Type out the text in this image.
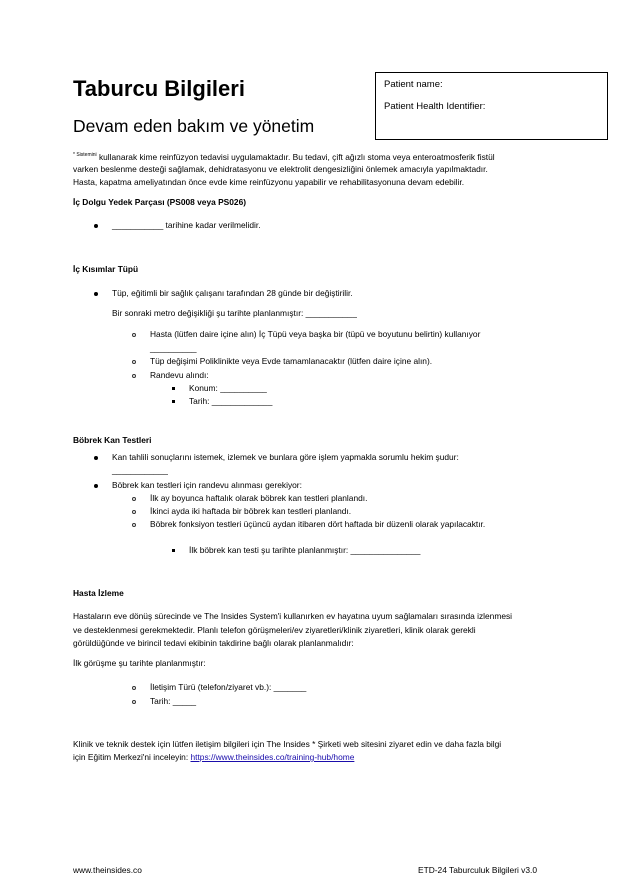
Taburcu Bilgileri
Devam eden bakım ve yönetim
Patient name:
Patient Health Identifier:
$^{* Sistemini}$ kullanarak kime reinfüzyon tedavisi uygulamaktadır. Bu tedavi, çift ağızlı stoma veya enteroatmosferik fistül
varken beslenme desteği sağlamak, dehidratasyonu ve elektrolit dengesizliğini önlemek amacıyla yapılmaktadır.
Hasta, kapatma ameliyatından önce evde kime reinfüzyonu yapabilir ve rehabilitasyonuna devam edebilir.
İç Dolgu Yedek Parçası (PS008 veya PS026)
___________ tarihine kadar verilmelidir.
İç Kısımlar Tüpü
Tüp, eğitimli bir sağlık çalışanı tarafından 28 günde bir değiştirilir.
Bir sonraki metro değişikliği şu tarihte planlanmıştır: ___________
Hasta (lütfen daire içine alın) İç Tüpü veya başka bir (tüpü ve boyutunu belirtin) kullanıyor
__________
Tüp değişimi Poliklinikte veya Evde tamamlanacaktır (lütfen daire içine alın).
Randevu alındı:
Konum: __________
Tarih: _____________
Böbrek Kan Testleri
Kan tahlili sonuçlarını istemek, izlemek ve bunlara göre işlem yapmakla sorumlu hekim şudur:
____________
Böbrek kan testleri için randevu alınması gerekiyor:
İlk ay boyunca haftalık olarak böbrek kan testleri planlandı.
İkinci ayda iki haftada bir böbrek kan testleri planlandı.
Böbrek fonksiyon testleri üçüncü aydan itibaren dört haftada bir düzenli olarak yapılacaktır.
İlk böbrek kan testi şu tarihte planlanmıştır: _______________
Hasta İzleme
Hastaların eve dönüş sürecinde ve The Insides System'i kullanırken ev hayatına uyum sağlamaları sırasında izlenmesi
ve desteklenmesi gerekmektedir. Planlı telefon görüşmeleri/ev ziyaretleri/klinik ziyaretleri, klinik olarak gerekli
görüldüğünde ve birincil tedavi ekibinin takdirine bağlı olarak planlanmalıdır:
İlk görüşme şu tarihte planlanmıştır:
İletişim Türü (telefon/ziyaret vb.): _______
Tarih: _____
Klinik ve teknik destek için lütfen iletişim bilgileri için The Insides * Şirketi web sitesini ziyaret edin ve daha fazla bilgi
için Eğitim Merkezi'ni inceleyin: https://www.theinsides.co/training-hub/home
www.theinsides.co	ETD-24 Taburculuk Bilgileri v3.0
